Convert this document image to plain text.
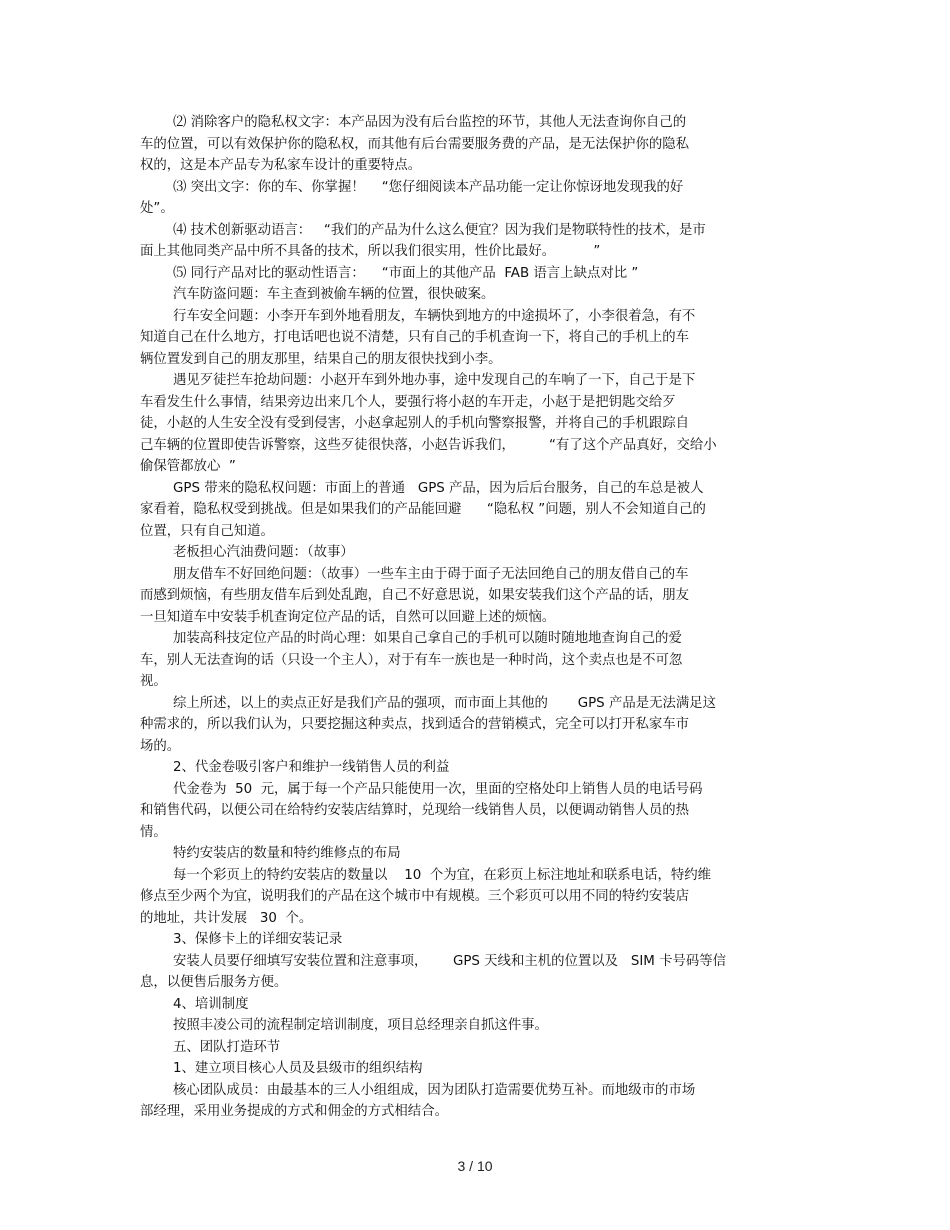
⑵ 消除客户的隐私权文字：本产品因为没有后台监控的环节，其他人无法查询你自己的
车的位置，可以有效保护你的隐私权，而其他有后台需要服务费的产品，是无法保护你的隐私
权的，这是本产品专为私家车设计的重要特点。
⑶ 突出文字：你的车、你掌握！    “您仔细阅读本产品功能一定让你惊讶地发现我的好
处”。
⑷ 技术创新驱动语言：   “我们的产品为什么这么便宜？因为我们是物联特性的技术，是市
面上其他同类产品中所不具备的技术，所以我们很实用，性价比最好。         ”
⑸ 同行产品对比的驱动性语言：    “市面上的其他产品  FAB 语言上缺点对比 ”
汽车防盗问题：车主查到被偷车辆的位置，很快破案。
行车安全问题：小李开车到外地看朋友，车辆快到地方的中途损坏了，小李很着急，有不
知道自己在什么地方，打电话吧也说不清楚，只有自己的手机查询一下，将自己的手机上的车
辆位置发到自己的朋友那里，结果自己的朋友很快找到小李。
遇见歹徒拦车抢劫问题：小赵开车到外地办事，途中发现自己的车响了一下，自己于是下
车看发生什么事情，结果旁边出来几个人，要强行将小赵的车开走，小赵于是把钥匙交给歹
徒，小赵的人生安全没有受到侵害，小赵拿起别人的手机向警察报警，并将自己的手机跟踪自
己车辆的位置即使告诉警察，这些歹徒很快落，小赵告诉我们，        “有了这个产品真好，交给小
偷保管都放心  ”
GPS 带来的隐私权问题：市面上的普通   GPS 产品，因为后后台服务，自己的车总是被人
家看着，隐私权受到挑战。但是如果我们的产品能回避      “隐私权 ”问题，别人不会知道自己的
位置，只有自己知道。
老板担心汽油费问题：（故事）
朋友借车不好回绝问题：（故事）一些车主由于碍于面子无法回绝自己的朋友借自己的车
而感到烦恼，有些朋友借车后到处乱跑，自己不好意思说，如果安装我们这个产品的话，朋友
一旦知道车中安装手机查询定位产品的话，自然可以回避上述的烦恼。
加装高科技定位产品的时尚心理：如果自己拿自己的手机可以随时随地地查询自己的爱
车，别人无法查询的话（只设一个主人），对于有车一族也是一种时尚，这个卖点也是不可忽
视。
综上所述，以上的卖点正好是我们产品的强项，而市面上其他的       GPS 产品是无法满足这
种需求的，所以我们认为，只要挖掘这种卖点，找到适合的营销模式，完全可以打开私家车市
场的。
2、代金卷吸引客户和维护一线销售人员的利益
代金卷为  50  元，属于每一个产品只能使用一次，里面的空格处印上销售人员的电话号码
和销售代码，以便公司在给特约安装店结算时，兑现给一线销售人员，以便调动销售人员的热
情。
特约安装店的数量和特约维修点的布局
每一个彩页上的特约安装店的数量以    10  个为宜，在彩页上标注地址和联系电话，特约维
修点至少两个为宜，说明我们的产品在这个城市中有规模。三个彩页可以用不同的特约安装店
的地址，共计发展   30  个。
3、保修卡上的详细安装记录
安装人员要仔细填写安装位置和注意事项，      GPS 天线和主机的位置以及   SIM 卡号码等信
息，以便售后服务方便。
4、培训制度
按照丰凌公司的流程制定培训制度，项目总经理亲自抓这件事。
五、团队打造环节
1、建立项目核心人员及县级市的组织结构
核心团队成员：由最基本的三人小组组成，因为团队打造需要优势互补。而地级市的市场
部经理，采用业务提成的方式和佣金的方式相结合。
3 / 10
